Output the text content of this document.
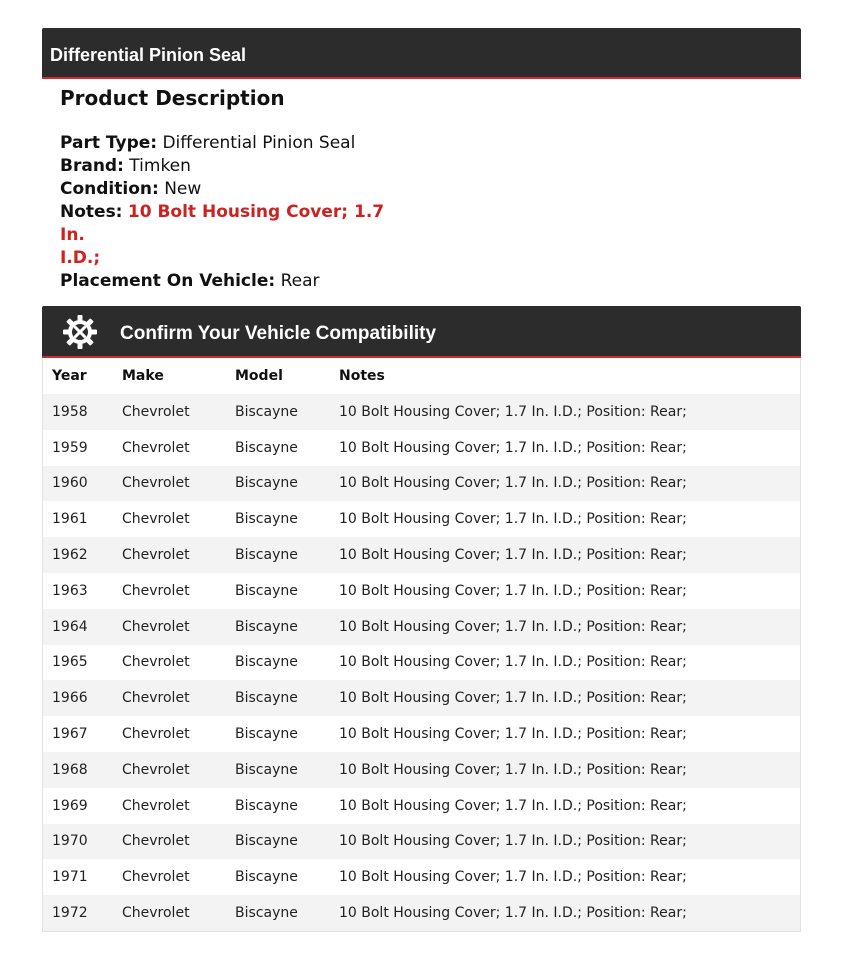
Differential Pinion Seal
Product Description
Part Type: Differential Pinion Seal
Brand: Timken
Condition: New
Notes: 10 Bolt Housing Cover; 1.7 In.
I.D.;
Placement On Vehicle: Rear
Confirm Your Vehicle Compatibility
Year	Make	Model	Notes
1958	Chevrolet	Biscayne	10 Bolt Housing Cover; 1.7 In. I.D.; Position: Rear;
1959	Chevrolet	Biscayne	10 Bolt Housing Cover; 1.7 In. I.D.; Position: Rear;
1960	Chevrolet	Biscayne	10 Bolt Housing Cover; 1.7 In. I.D.; Position: Rear;
1961	Chevrolet	Biscayne	10 Bolt Housing Cover; 1.7 In. I.D.; Position: Rear;
1962	Chevrolet	Biscayne	10 Bolt Housing Cover; 1.7 In. I.D.; Position: Rear;
1963	Chevrolet	Biscayne	10 Bolt Housing Cover; 1.7 In. I.D.; Position: Rear;
1964	Chevrolet	Biscayne	10 Bolt Housing Cover; 1.7 In. I.D.; Position: Rear;
1965	Chevrolet	Biscayne	10 Bolt Housing Cover; 1.7 In. I.D.; Position: Rear;
1966	Chevrolet	Biscayne	10 Bolt Housing Cover; 1.7 In. I.D.; Position: Rear;
1967	Chevrolet	Biscayne	10 Bolt Housing Cover; 1.7 In. I.D.; Position: Rear;
1968	Chevrolet	Biscayne	10 Bolt Housing Cover; 1.7 In. I.D.; Position: Rear;
1969	Chevrolet	Biscayne	10 Bolt Housing Cover; 1.7 In. I.D.; Position: Rear;
1970	Chevrolet	Biscayne	10 Bolt Housing Cover; 1.7 In. I.D.; Position: Rear;
1971	Chevrolet	Biscayne	10 Bolt Housing Cover; 1.7 In. I.D.; Position: Rear;
1972	Chevrolet	Biscayne	10 Bolt Housing Cover; 1.7 In. I.D.; Position: Rear;
